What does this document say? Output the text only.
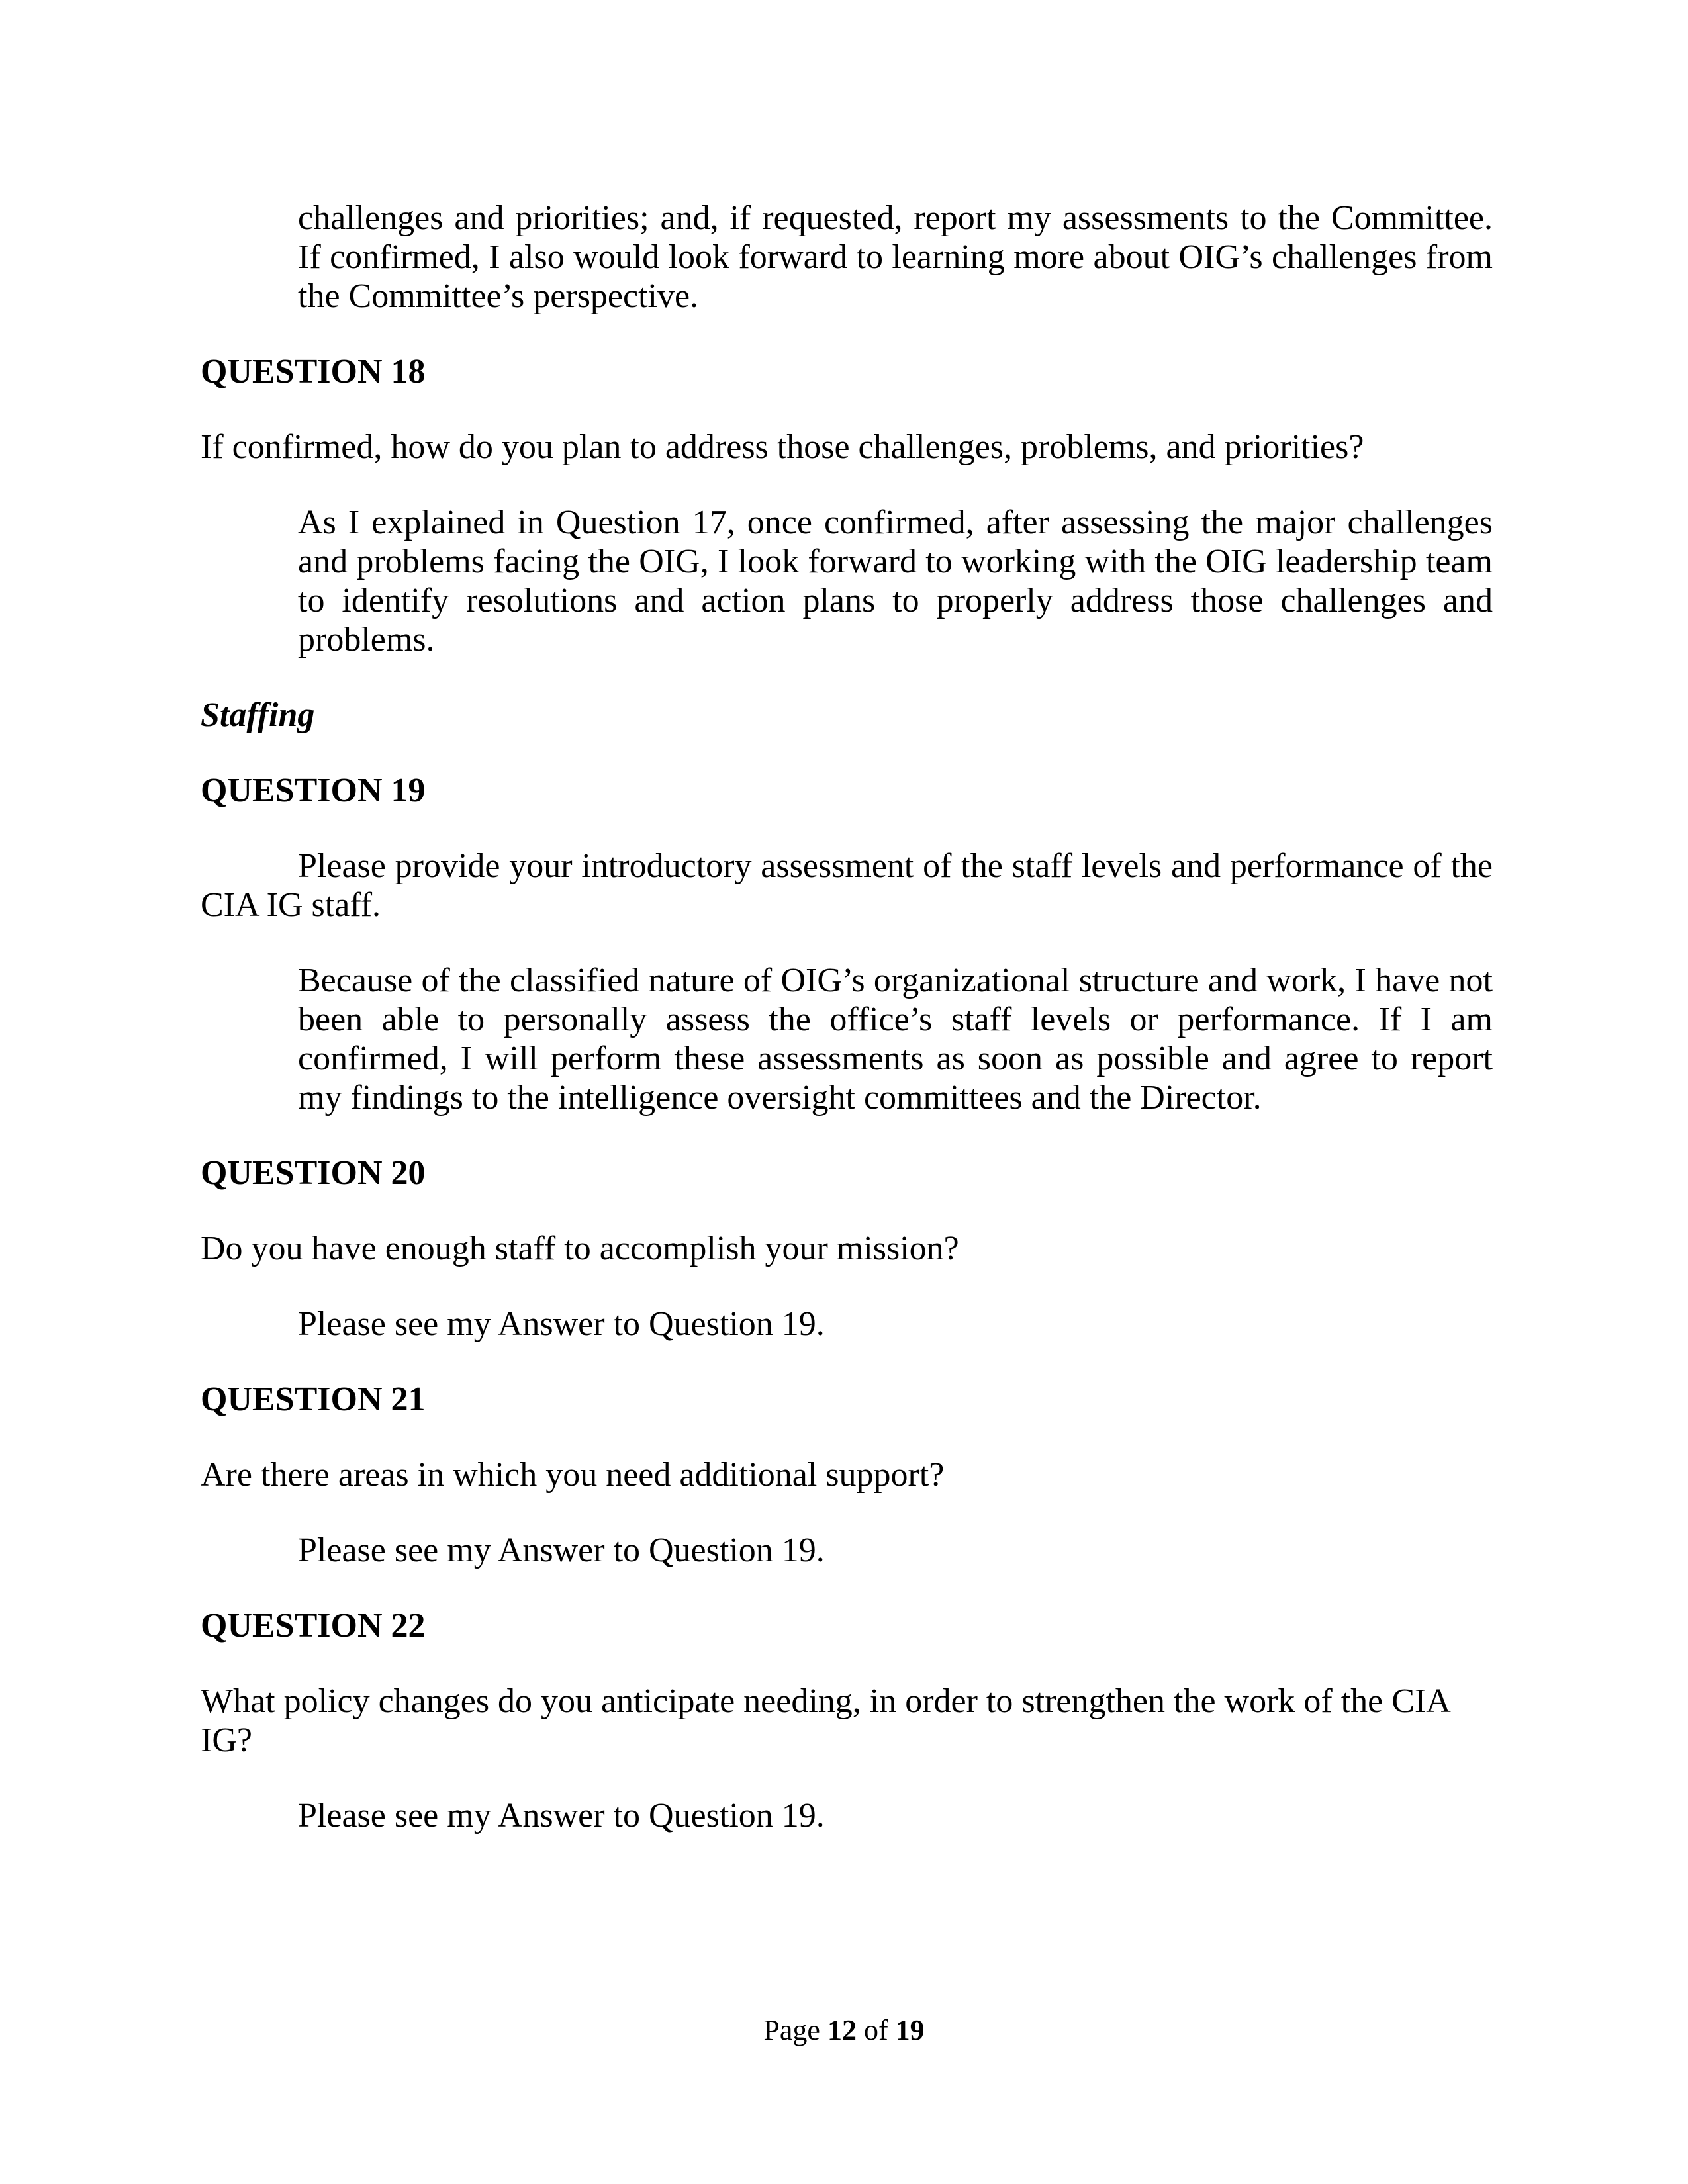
challenges and priorities; and, if requested, report my assessments to the Committee. If confirmed, I also would look forward to learning more about OIG’s challenges from the Committee’s perspective.

QUESTION 18

If confirmed, how do you plan to address those challenges, problems, and priorities?

As I explained in Question 17, once confirmed, after assessing the major challenges and problems facing the OIG, I look forward to working with the OIG leadership team to identify resolutions and action plans to properly address those challenges and problems.

Staffing

QUESTION 19

Please provide your introductory assessment of the staff levels and performance of the CIA IG staff.

Because of the classified nature of OIG’s organizational structure and work, I have not been able to personally assess the office’s staff levels or performance. If I am confirmed, I will perform these assessments as soon as possible and agree to report my findings to the intelligence oversight committees and the Director.

QUESTION 20

Do you have enough staff to accomplish your mission?

Please see my Answer to Question 19.

QUESTION 21

Are there areas in which you need additional support?

Please see my Answer to Question 19.

QUESTION 22

What policy changes do you anticipate needing, in order to strengthen the work of the CIA IG?

Please see my Answer to Question 19.

Page 12 of 19
